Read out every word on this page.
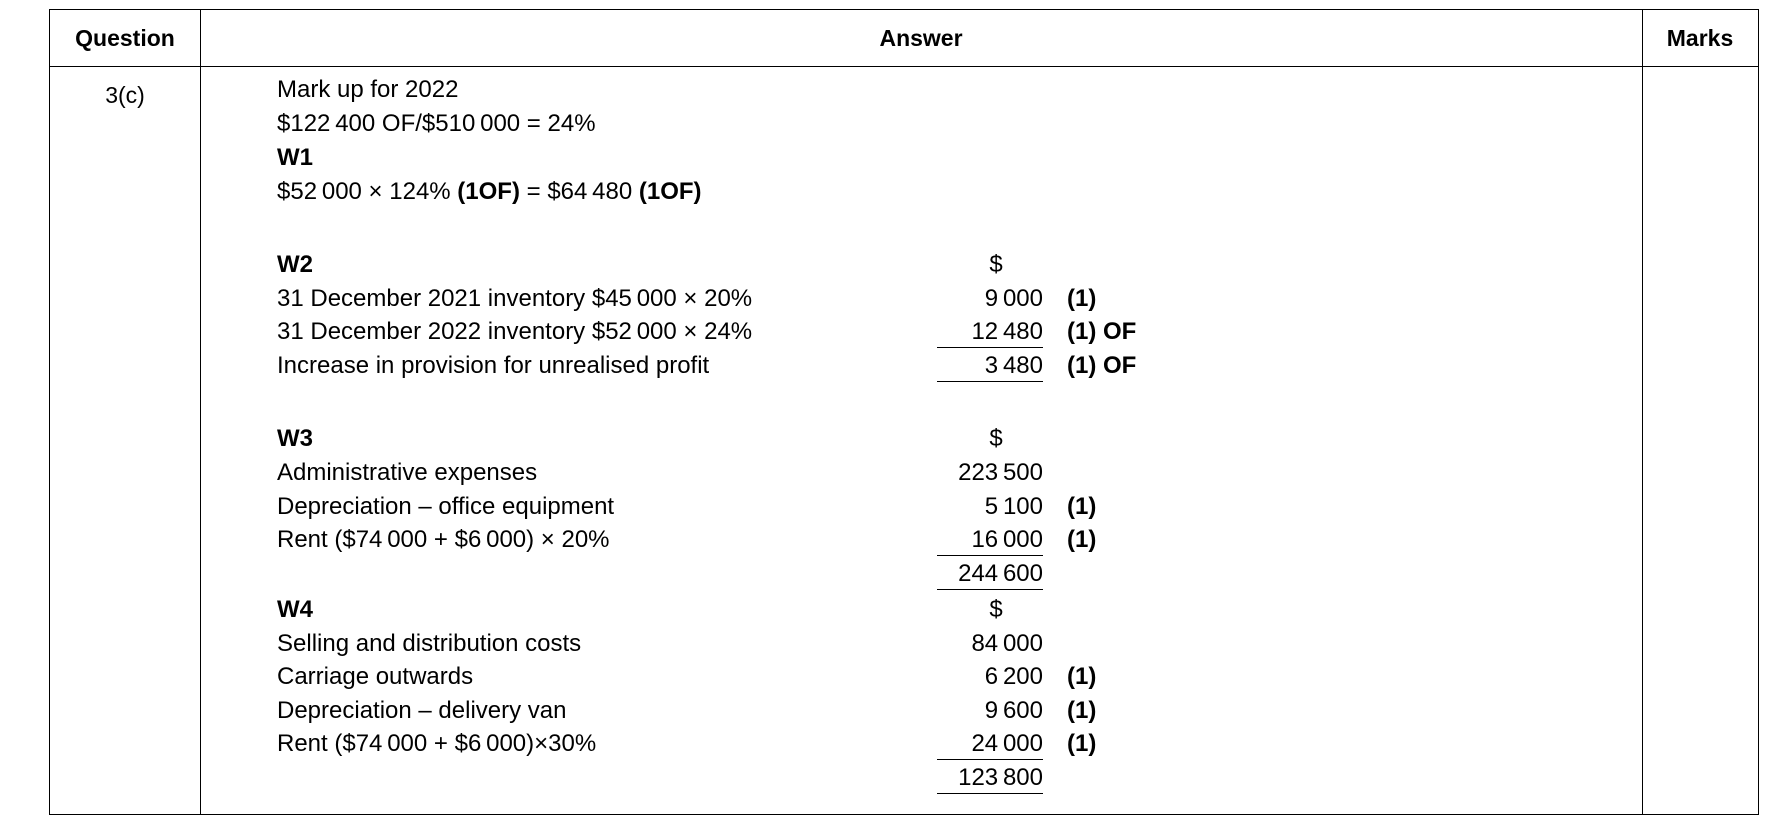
Question	Answer	Marks
3(c)	Mark up for 2022
$122 400 OF/$510 000 = 24%
W1
$52 000 × 124% (1OF) = $64 480 (1OF)
W2	$
31 December 2021 inventory $45 000 × 20%	9 000 (1)
31 December 2022 inventory $52 000 × 24%	12 480 (1) OF
Increase in provision for unrealised profit	3 480 (1) OF
W3	$
Administrative expenses	223 500
Depreciation – office equipment	5 100 (1)
Rent ($74 000 + $6 000) × 20%	16 000 (1)
244 600
W4	$
Selling and distribution costs	84 000
Carriage outwards	6 200 (1)
Depreciation – delivery van	9 600 (1)
Rent ($74 000 + $6 000)×30%	24 000 (1)
123 800
